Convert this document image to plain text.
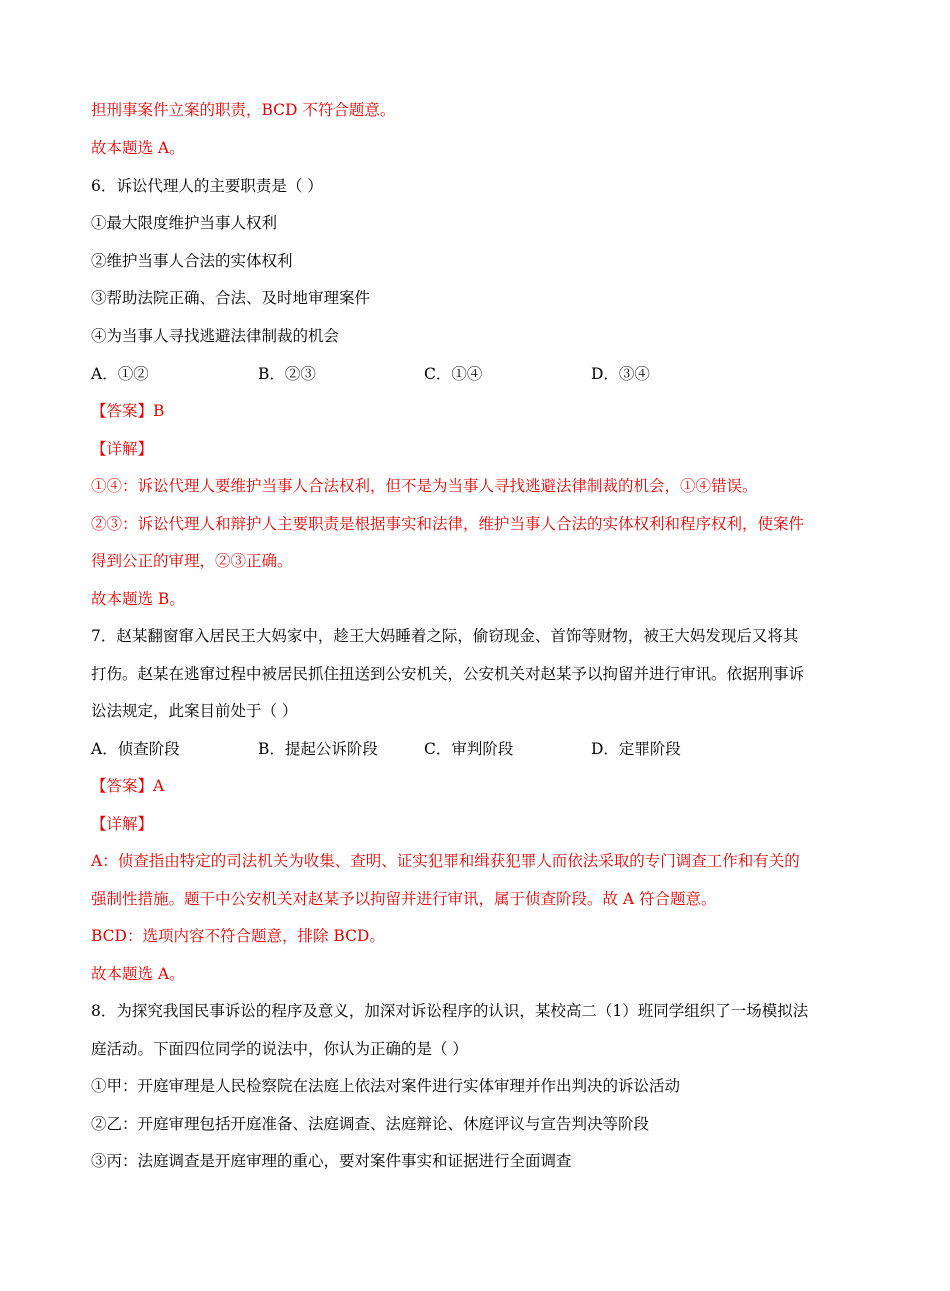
担刑事案件立案的职责，BCD 不符合题意。
故本题选 A。
6．诉讼代理人的主要职责是（ ）
①最大限度维护当事人权利
②维护当事人合法的实体权利
③帮助法院正确、合法、及时地审理案件
④为当事人寻找逃避法律制裁的机会
A．①②	B．②③	C．①④	D．③④
【答案】B
【详解】
①④：诉讼代理人要维护当事人合法权利，但不是为当事人寻找逃避法律制裁的机会，①④错误。
②③：诉讼代理人和辩护人主要职责是根据事实和法律，维护当事人合法的实体权利和程序权利，使案件
得到公正的审理，②③正确。
故本题选 B。
7．赵某翻窗窜入居民王大妈家中，趁王大妈睡着之际，偷窃现金、首饰等财物，被王大妈发现后又将其
打伤。赵某在逃窜过程中被居民抓住扭送到公安机关，公安机关对赵某予以拘留并进行审讯。依据刑事诉
讼法规定，此案目前处于（ ）
A．侦查阶段	B．提起公诉阶段	C．审判阶段	D．定罪阶段
【答案】A
【详解】
A：侦查指由特定的司法机关为收集、查明、证实犯罪和缉获犯罪人而依法采取的专门调查工作和有关的
强制性措施。题干中公安机关对赵某予以拘留并进行审讯，属于侦查阶段。故 A 符合题意。
BCD：选项内容不符合题意，排除 BCD。
故本题选 A。
8．为探究我国民事诉讼的程序及意义，加深对诉讼程序的认识，某校高二（1）班同学组织了一场模拟法
庭活动。下面四位同学的说法中，你认为正确的是（ ）
①甲：开庭审理是人民检察院在法庭上依法对案件进行实体审理并作出判决的诉讼活动
②乙：开庭审理包括开庭准备、法庭调查、法庭辩论、休庭评议与宣告判决等阶段
③丙：法庭调查是开庭审理的重心，要对案件事实和证据进行全面调查
